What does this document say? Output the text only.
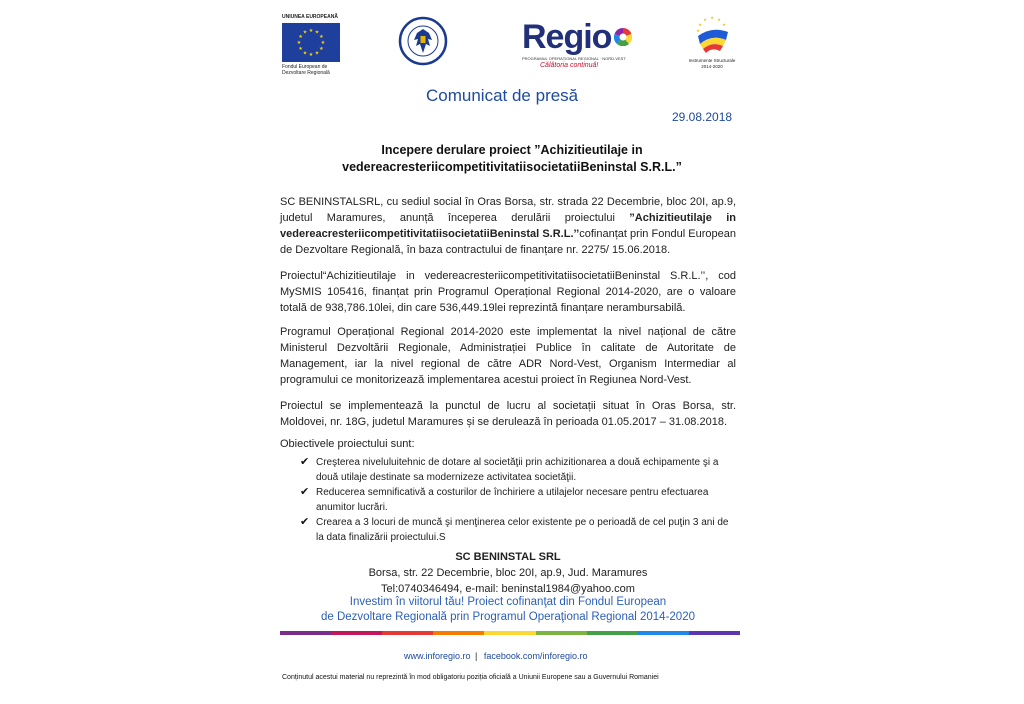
UNIUNEA EUROPEANĂ
★ ★
★
★
★
★
★
★
★
★
★
★
Fondul European de
Dezvoltare Regională
Regio
PROGRAMUL OPERAȚIONAL REGIONAL · NORD-VEST
Călătoria continuă!
★ ★
★
★
★
★
Instrumente Structurale
2014-2020
Comunicat de presă
29.08.2018
Incepere derulare proiect ”Achizitieutilaje in
vedereacresteriicompetitivitatiisocietatiiBeninstal S.R.L.”
SC BENINSTALSRL, cu sediul social în Oras Borsa, str. strada 22 Decembrie, bloc 20I, ap.9, judetul Maramures, anunță începerea derulării proiectului ”Achizitieutilaje in vedereacresteriicompetitivitatiisocietatiiBeninstal S.R.L.’’cofinanțat prin Fondul European de Dezvoltare Regională, în baza contractului de finanțare nr. 2275/ 15.06.2018.
Proiectul“Achizitieutilaje in vedereacresteriicompetitivitatiisocietatiiBeninstal S.R.L.’’, cod MySMIS 105416, finanțat prin Programul Operațional Regional 2014-2020, are o valoare totală de 938,786.10lei, din care 536,449.19lei reprezintă finanțare nerambursabilă.
Programul Operațional Regional 2014-2020 este implementat la nivel național de către Ministerul Dezvoltării Regionale, Administrației Publice în calitate de Autoritate de Management, iar la nivel regional de către ADR Nord-Vest, Organism Intermediar al programului ce monitorizează implementarea acestui proiect în Regiunea Nord-Vest.
Proiectul se implementează la punctul de lucru al societații situat în Oras Borsa, str. Moldovei, nr. 18G, judetul Maramures și se derulează în perioada 01.05.2017 – 31.08.2018.
Obiectivele proiectului sunt:
✔ Creşterea niveluluitehnic de dotare al societăţii prin achizitionarea a două echipamente şi a
două utilaje destinate sa modernizeze activitatea societăţii.
✔ Reducerea semnificativă a costurilor de închiriere a utilajelor necesare pentru efectuarea
anumitor lucrări.
✔ Crearea a 3 locuri de muncă şi menţinerea celor existente pe o perioadă de cel puţin 3 ani de
la data finalizării proiectului.S
SC BENINSTAL SRL
Borsa, str. 22 Decembrie, bloc 20I, ap.9, Jud. Maramures
Tel:0740346494, e-mail: beninstal1984@yahoo.com
Investim în viitorul tău! Proiect cofinanţat din Fondul European
de Dezvoltare Regională prin Programul Operaţional Regional 2014-2020
www.inforegio.ro | facebook.com/inforegio.ro
Conținutul acestui material nu reprezintă în mod obligatoriu poziția oficială a Uniunii Europene sau a Guvernului Romaniei
